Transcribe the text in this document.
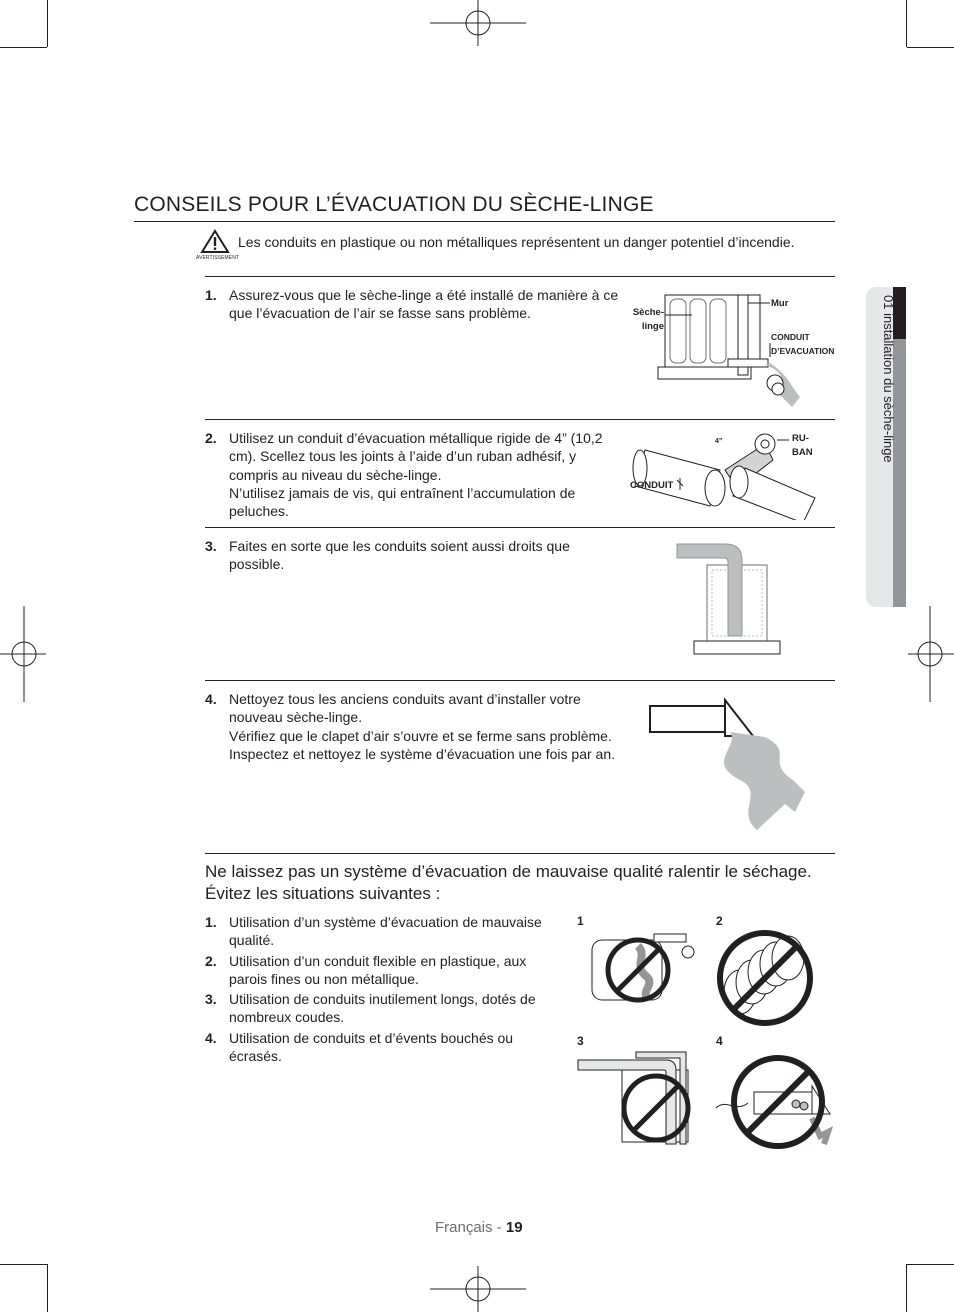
CONSEILS POUR L’ÉVACUATION DU SÈCHE-LINGE
AVERTISSEMENT
Les conduits en plastique ou non métalliques représentent un danger potentiel d’incendie.
1. Assurez-vous que le sèche-linge a été installé de manière à ce que l’évacuation de l’air se fasse sans problème.
Mur
Sèche-
linge
CONDUIT
D’EVACUATION
2. Utilisez un conduit d’évacuation métallique rigide de 4” (10,2 cm). Scellez tous les joints à l’aide d’un ruban adhésif, y compris au niveau du sèche-linge.
N’utilisez jamais de vis, qui entraînent l’accumulation de peluches.
4”	RU-
BAN
CONDUIT
3. Faites en sorte que les conduits soient aussi droits que possible.
4. Nettoyez tous les anciens conduits avant d’installer votre nouveau sèche-linge.
Vérifiez que le clapet d’air s’ouvre et se ferme sans problème.
Inspectez et nettoyez le système d’évacuation une fois par an.
Ne laissez pas un système d’évacuation de mauvaise qualité ralentir le séchage. Évitez les situations suivantes :
1. Utilisation d’un système d’évacuation de mauvaise qualité.
2. Utilisation d’un conduit flexible en plastique, aux parois fines ou non métallique.
3. Utilisation de conduits inutilement longs, dotés de nombreux coudes.
4. Utilisation de conduits et d’évents bouchés ou écrasés.
1	2
3	4
01 installation du sèche-linge
Français - 19
